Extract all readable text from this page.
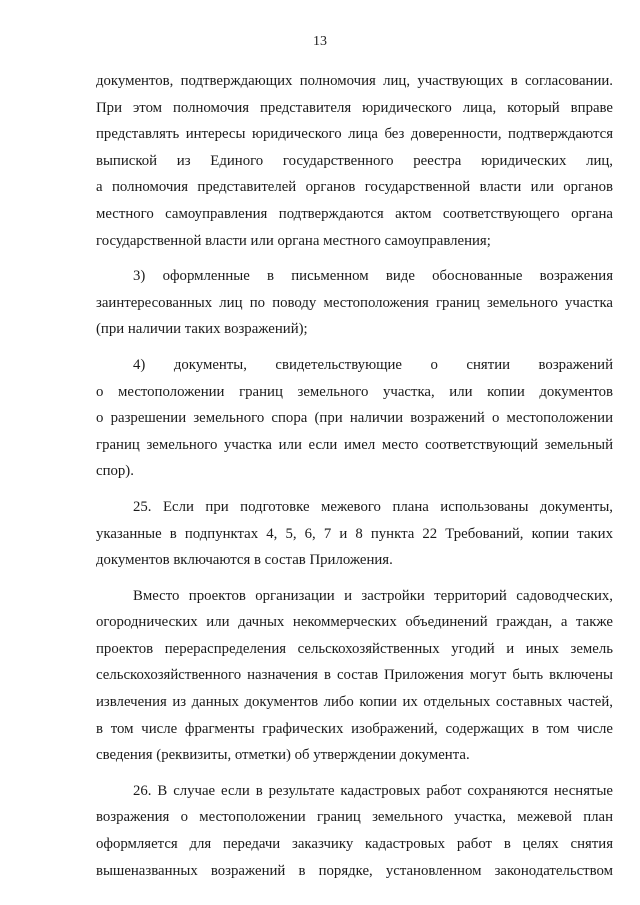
13

документов, подтверждающих полномочия лиц, участвующих в согласовании.
При этом полномочия представителя юридического лица, который вправе
представлять интересы юридического лица без доверенности, подтверждаются
выпиской из Единого государственного реестра юридических лиц,
а полномочия представителей органов государственной власти или органов
местного самоуправления подтверждаются актом соответствующего органа
государственной власти или органа местного самоуправления;

3) оформленные в письменном виде обоснованные возражения
заинтересованных лиц по поводу местоположения границ земельного участка
(при наличии таких возражений);

4) документы, свидетельствующие о снятии возражений
о местоположении границ земельного участка, или копии документов
о разрешении земельного спора (при наличии возражений о местоположении
границ земельного участка или если имел место соответствующий земельный
спор).

25. Если при подготовке межевого плана использованы документы,
указанные в подпунктах 4, 5, 6, 7 и 8 пункта 22 Требований, копии таких
документов включаются в состав Приложения.

Вместо проектов организации и застройки территорий садоводческих,
огороднических или дачных некоммерческих объединений граждан, а также
проектов перераспределения сельскохозяйственных угодий и иных земель
сельскохозяйственного назначения в состав Приложения могут быть включены
извлечения из данных документов либо копии их отдельных составных частей,
в том числе фрагменты графических изображений, содержащих в том числе
сведения (реквизиты, отметки) об утверждении документа.

26. В случае если в результате кадастровых работ сохраняются неснятые
возражения о местоположении границ земельного участка, межевой план
оформляется для передачи заказчику кадастровых работ в целях снятия
вышеназванных возражений в порядке, установленном законодательством
